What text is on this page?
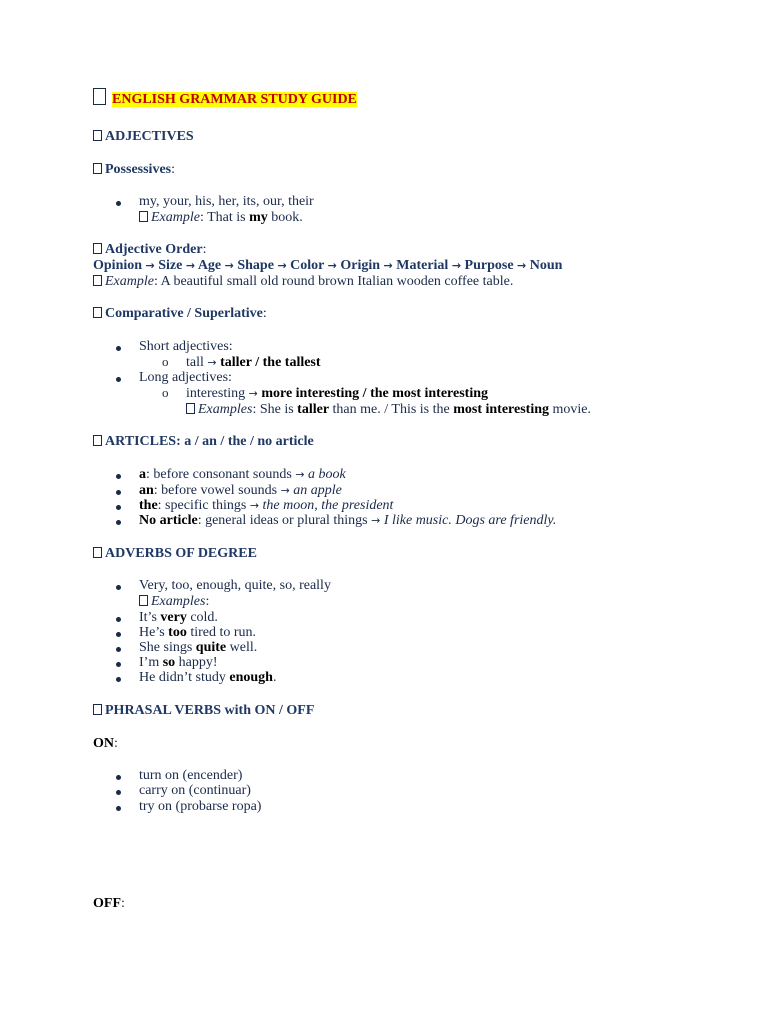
ENGLISH GRAMMAR STUDY GUIDE
ADJECTIVES
Possessives:
my, your, his, her, its, our, their
Example: That is my book.
Adjective Order:
Opinion → Size → Age → Shape → Color → Origin → Material → Purpose → Noun
Example: A beautiful small old round brown Italian wooden coffee table.
Comparative / Superlative:
Short adjectives:
o tall → taller / the tallest
Long adjectives:
o interesting → more interesting / the most interesting
Examples: She is taller than me. / This is the most interesting movie.
ARTICLES: a / an / the / no article
a: before consonant sounds → a book
an: before vowel sounds → an apple
the: specific things → the moon, the president
No article: general ideas or plural things → I like music. Dogs are friendly.
ADVERBS OF DEGREE
Very, too, enough, quite, so, really
Examples:
It’s very cold.
He’s too tired to run.
She sings quite well.
I’m so happy!
He didn’t study enough.
PHRASAL VERBS with ON / OFF
ON:
turn on (encender)
carry on (continuar)
try on (probarse ropa)
OFF:
